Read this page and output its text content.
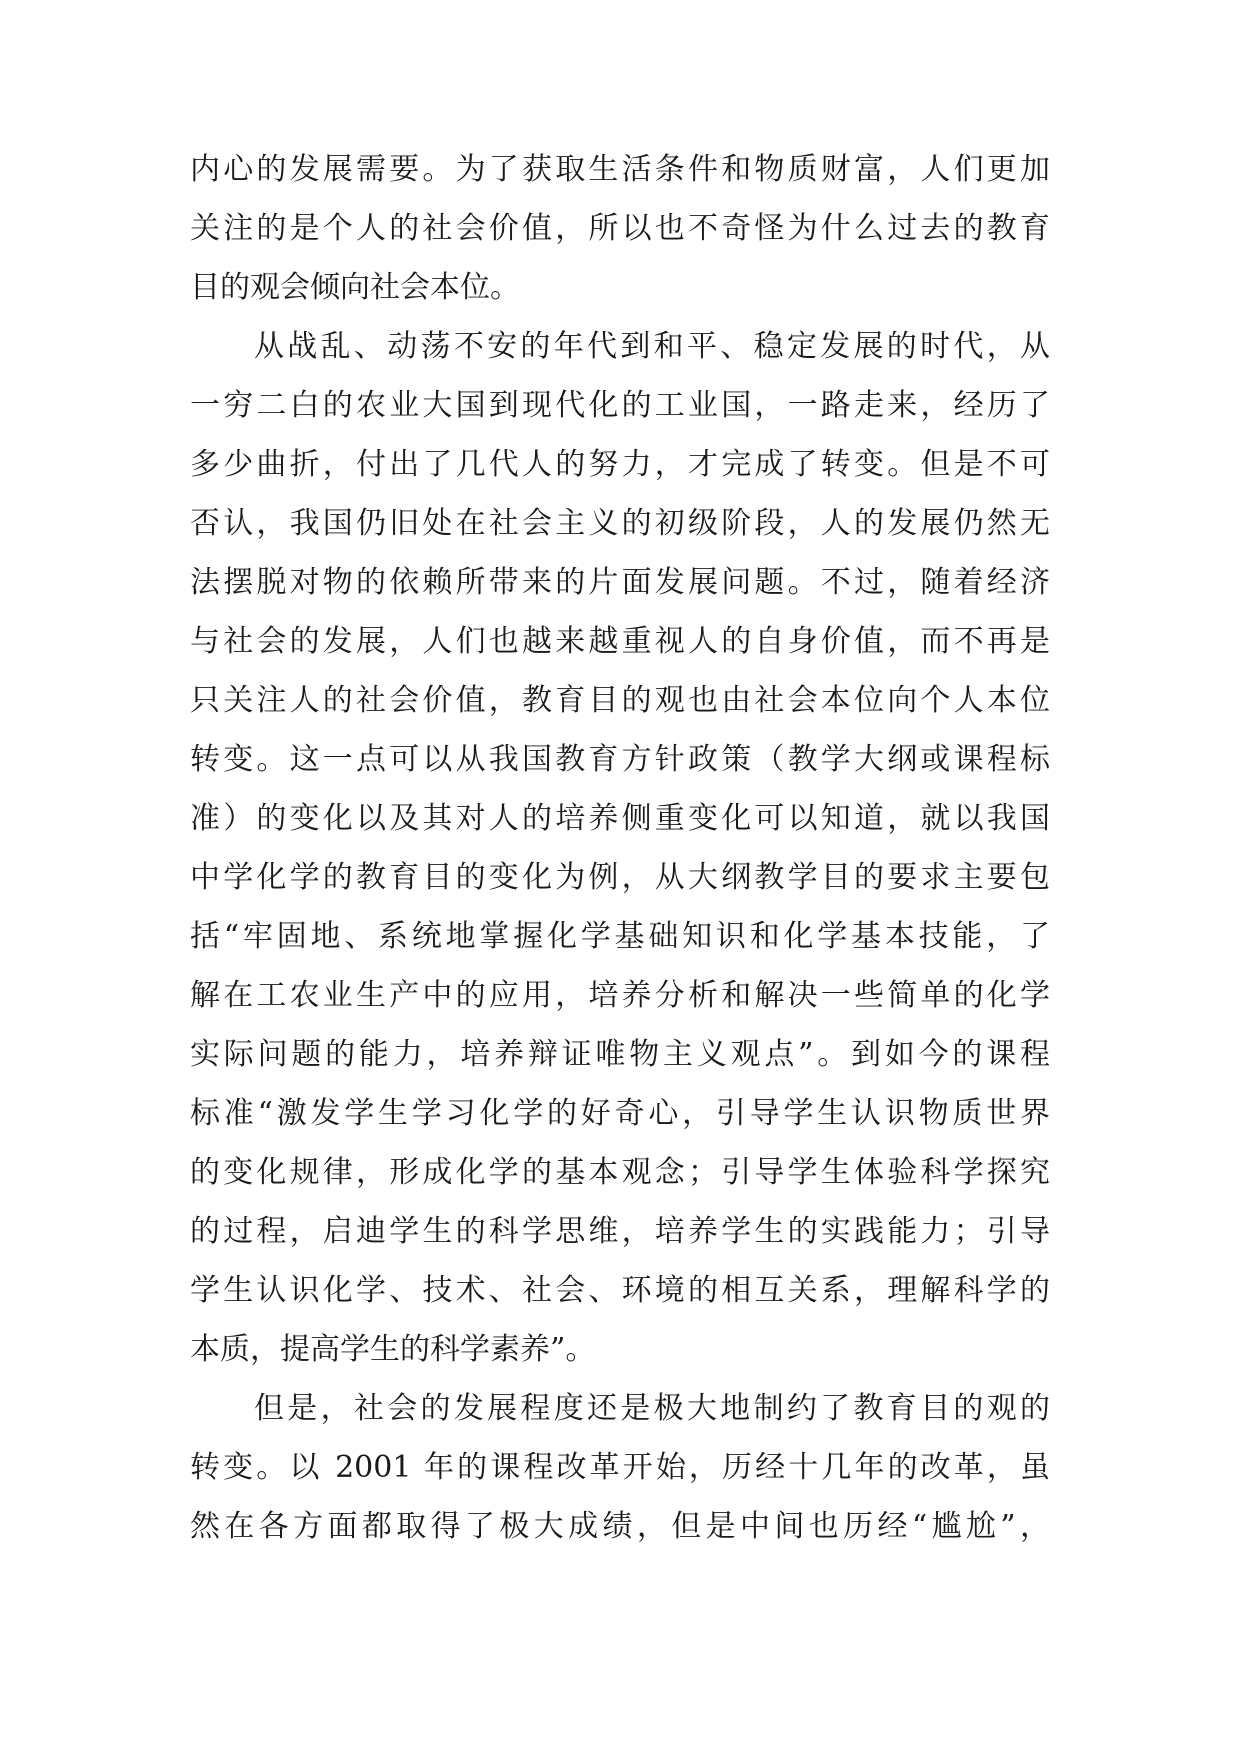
内心的发展需要。为了获取生活条件和物质财富，人们更加
关注的是个人的社会价值，所以也不奇怪为什么过去的教育
目的观会倾向社会本位。
从战乱、动荡不安的年代到和平、稳定发展的时代，从
一穷二白的农业大国到现代化的工业国，一路走来，经历了
多少曲折，付出了几代人的努力，才完成了转变。但是不可
否认，我国仍旧处在社会主义的初级阶段，人的发展仍然无
法摆脱对物的依赖所带来的片面发展问题。不过，随着经济
与社会的发展，人们也越来越重视人的自身价值，而不再是
只关注人的社会价值，教育目的观也由社会本位向个人本位
转变。这一点可以从我国教育方针政策（教学大纲或课程标
准）的变化以及其对人的培养侧重变化可以知道，就以我国
中学化学的教育目的变化为例，从大纲教学目的要求主要包
括“牢固地、系统地掌握化学基础知识和化学基本技能，了
解在工农业生产中的应用，培养分析和解决一些简单的化学
实际问题的能力，培养辩证唯物主义观点”。到如今的课程
标准“激发学生学习化学的好奇心，引导学生认识物质世界
的变化规律，形成化学的基本观念；引导学生体验科学探究
的过程，启迪学生的科学思维，培养学生的实践能力；引导
学生认识化学、技术、社会、环境的相互关系，理解科学的
本质，提高学生的科学素养”。
但是，社会的发展程度还是极大地制约了教育目的观的
转变。以 2001 年的课程改革开始，历经十几年的改革，虽
然在各方面都取得了极大成绩，但是中间也历经“尴尬”，
